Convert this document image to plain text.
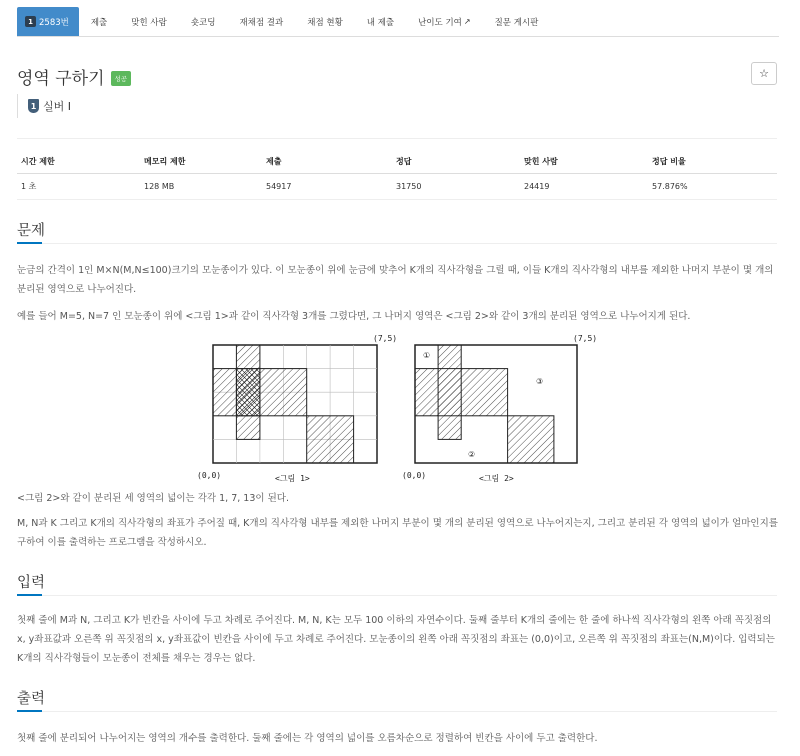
1 2583번	제출	맞힌 사람	숏코딩	재채점 결과	채점 현황	내 제출	난이도 기여 ↗	질문 게시판
영역 구하기	성공	☆
1 실버 I
시간 제한	메모리 제한	제출	정답	맞힌 사람	정답 비율
1 초	128 MB	54917	31750	24419	57.876%
문제
눈금의 간격이 1인 M×N(M,N≤100)크기의 모눈종이가 있다. 이 모눈종이 위에 눈금에 맞추어 K개의 직사각형을 그릴 때, 이들 K개의 직사각형의 내부를 제외한 나머지 부분이 몇 개의 분리된 영역으로 나누어진다.
예를 들어 M=5, N=7 인 모눈종이 위에 <그림 1>과 같이 직사각형 3개를 그렸다면, 그 나머지 영역은 <그림 2>와 같이 3개의 분리된 영역으로 나누어지게 된다.
(7,5)
(0,0)	<그림 1>
①
②
③
(7,5)
(0,0)	<그림 2>
<그림 2>와 같이 분리된 세 영역의 넓이는 각각 1, 7, 13이 된다.
M, N과 K 그리고 K개의 직사각형의 좌표가 주어질 때, K개의 직사각형 내부를 제외한 나머지 부분이 몇 개의 분리된 영역으로 나누어지는지, 그리고 분리된 각 영역의 넓이가 얼마인지를 구하여 이를 출력하는 프로그램을 작성하시오.
입력
첫째 줄에 M과 N, 그리고 K가 빈칸을 사이에 두고 차례로 주어진다. M, N, K는 모두 100 이하의 자연수이다. 둘째 줄부터 K개의 줄에는 한 줄에 하나씩 직사각형의 왼쪽 아래 꼭짓점의 x, y좌표값과 오른쪽 위 꼭짓점의 x, y좌표값이 빈칸을 사이에 두고 차례로 주어진다. 모눈종이의 왼쪽 아래 꼭짓점의 좌표는 (0,0)이고, 오른쪽 위 꼭짓점의 좌표는(N,M)이다. 입력되는 K개의 직사각형들이 모눈종이 전체를 채우는 경우는 없다.
출력
첫째 줄에 분리되어 나누어지는 영역의 개수를 출력한다. 둘째 줄에는 각 영역의 넓이를 오름차순으로 정렬하여 빈칸을 사이에 두고 출력한다.
